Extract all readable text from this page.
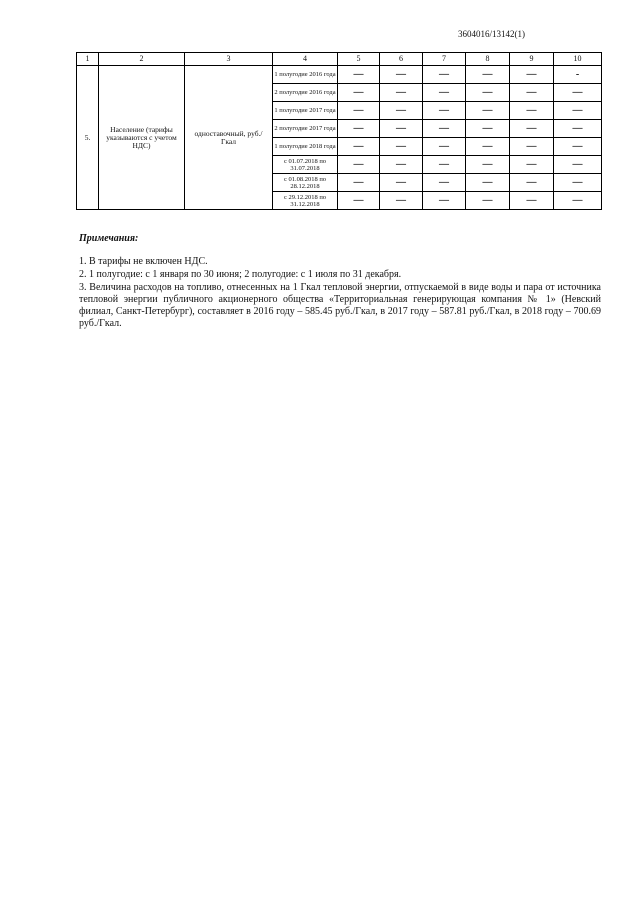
3604016/13142(1)
1	2	3	4	5	6	7	8	9	10
5.	Население (тарифы указываются с учетом НДС)	одноставочный, руб./Гкал	1 полугодие 2016 года	—	—	—	—	—	-
			2 полугодие 2016 года	—	—	—	—	—	—
			1 полугодие 2017 года	—	—	—	—	—	—
			2 полугодие 2017 года	—	—	—	—	—	—
			1 полугодие 2018 года	—	—	—	—	—	—
			с 01.07.2018 по 31.07.2018	—	—	—	—	—	—
			с 01.08.2018 по 28.12.2018	—	—	—	—	—	—
			с 29.12.2018 по 31.12.2018	—	—	—	—	—	—
Примечания:
1. В тарифы не включен НДС.
2. 1 полугодие: с 1 января по 30 июня; 2 полугодие: с 1 июля по 31 декабря.
3. Величина расходов на топливо, отнесенных на 1 Гкал тепловой энергии, отпускаемой в виде воды и пара от источника тепловой энергии публичного акционерного общества «Территориальная генерирующая компания № 1» (Невский филиал, Санкт-Петербург), составляет в 2016 году – 585.45 руб./Гкал, в 2017 году – 587.81 руб./Гкал, в 2018 году – 700.69 руб./Гкал.
